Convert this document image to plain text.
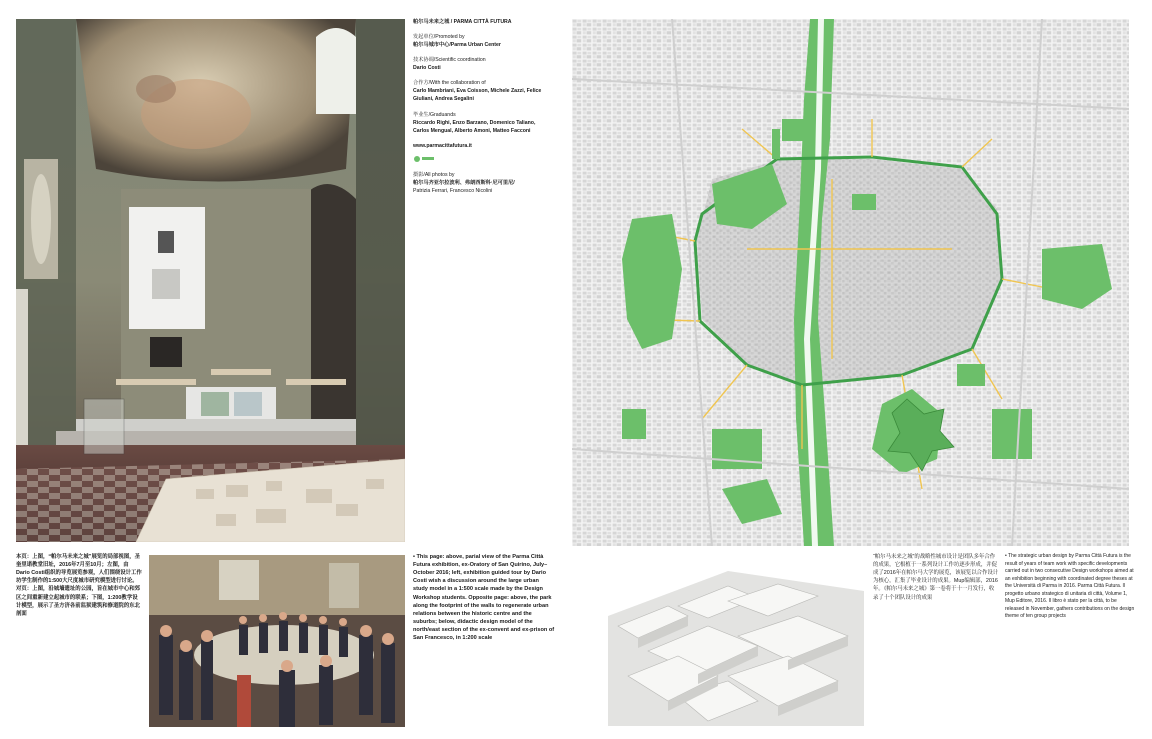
帕尔马未来之城 / PARMA CITTÀ FUTURA
发起单位/Promoted by
帕尔马城市中心/Parma Urban Center
技术协调/Scientific coordination
Dario Costi
合作方/With the collaboration of
Carlo Mambriani, Eva Coisson, Michele Zazzi, Felice Giuliani, Andrea Segalini
毕业生/Graduands
Riccardo Righi, Enzo Barzano, Domenico Taliano, Carlos Mengual, Alberto Amoni, Matteo Facconi
www.parmacittafutura.it
摄影/All photos by
帕尔马齐亚尔拉波利、弗朗西斯科·尼可里尼/
Patrizia Ferrari, Francesco Nicolini
本页：上图，“帕尔马未来之城”展览的局部视图，圣奎里诺教堂旧址，2016年7月至10月；左图，由Dario Costi组织的导览展览参观，人们围绕设计工作坊学生制作的1:500大尺度城市研究模型进行讨论。对页：上图，沿城墙遗址的公园，旨在城市中心和郊区之间重新建立起城市的联系；下图，1:200教学设计模型，展示了圣方济各前监狱建筑和修道院的东北剖面
• This page: above, parial view of the Parma Città Futura exhibition, ex-Oratory of San Quirino, July–October 2016; left, exhibition guided tour by Dario Costi wish a discussion around the large urban study model in a 1:500 scale made by the Design Workshop students. Opposite page: above, the park along the footprint of the walls to regenerate urban relations between the historic centre and the suburbs; below, didactic design model of the north/east section of the ex-convent and ex-prison of San Francesco, in 1:200 scale
“帕尔马未来之城”的战略性城市设计是团队多年合作的成果，它根植于一系列设计工作坊逐步形成，并促成了2016年在帕尔马大学的展览，该展览以合作设计为核心，汇集了毕业设计的成果。Mup编辑部，2016年。《帕尔马未来之城》第一卷将于十一月发行，收录了十个团队设计的成果
• The strategic urban design by Parma Città Futura is the result of years of team work with specific developments carried out in two consecutive Design workshops aimed at an exhibition beginning with coordinated degree theses at the Università di Parma in 2016. Parma Città Futura. Il progetto urbano strategico di unitaria di città, Volume 1, Mup Editore, 2016. Il libro è stato per la città, to be released in November, gathers contributions on the design theme of ten group projects
